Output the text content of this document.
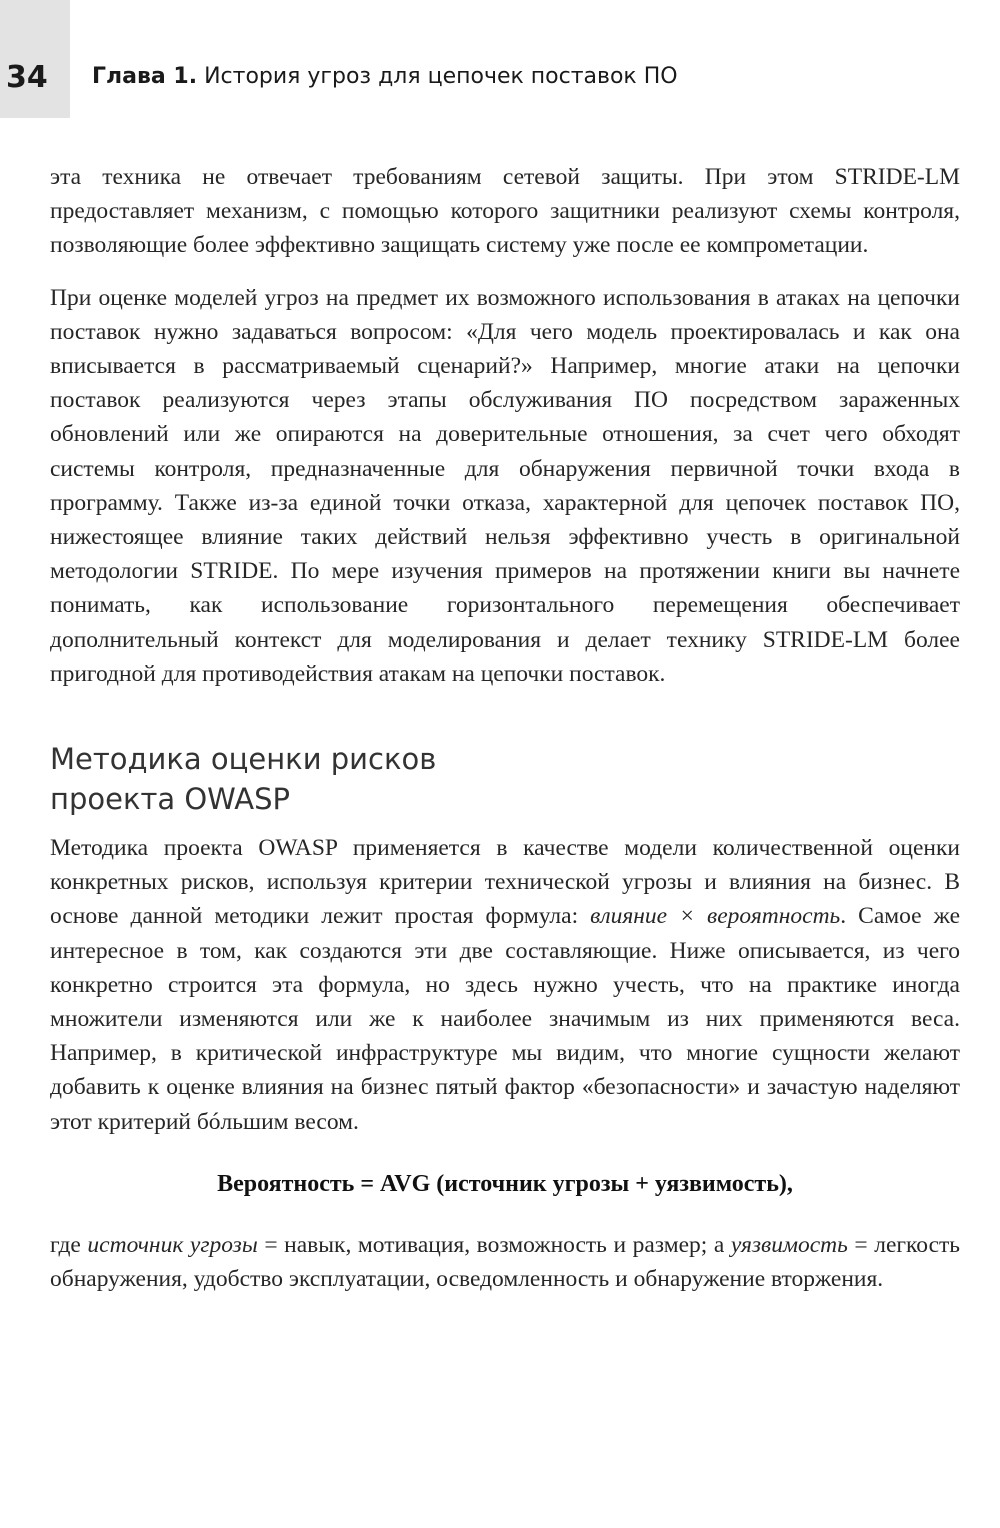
34 Глава 1. История угроз для цепочек поставок ПО

эта техника не отвечает требованиям сетевой защиты. При этом STRIDE-LM предоставляет механизм, с помощью которого защитники реализуют схемы контроля, позволяющие более эффективно защищать систему уже после ее компрометации.

При оценке моделей угроз на предмет их возможного использования в атаках на цепочки поставок нужно задаваться вопросом: «Для чего модель проектировалась и как она вписывается в рассматриваемый сценарий?» Например, многие атаки на цепочки поставок реализуются через этапы обслуживания ПО посредством зараженных обновлений или же опираются на доверительные отношения, за счет чего обходят системы контроля, предназначенные для обнаружения первичной точки входа в программу. Также из-за единой точки отказа, характерной для цепочек поставок ПО, нижестоящее влияние таких действий нельзя эффективно учесть в оригинальной методологии STRIDE. По мере изучения примеров на протяжении книги вы начнете понимать, как использование горизонтального перемещения обеспечивает дополнительный контекст для моделирования и делает технику STRIDE-LM более пригодной для противодействия атакам на цепочки поставок.

Методика оценки рисков
проекта OWASP

Методика проекта OWASP применяется в качестве модели количественной оценки конкретных рисков, используя критерии технической угрозы и влияния на бизнес. В основе данной методики лежит простая формула: влияние × вероятность. Самое же интересное в том, как создаются эти две составляющие. Ниже описывается, из чего конкретно строится эта формула, но здесь нужно учесть, что на практике иногда множители изменяются или же к наиболее значимым из них применяются веса. Например, в критической инфраструктуре мы видим, что многие сущности желают добавить к оценке влияния на бизнес пятый фактор «безопасности» и зачастую наделяют этот критерий бóльшим весом.

Вероятность = AVG (источник угрозы + уязвимость),

где источник угрозы = навык, мотивация, возможность и размер; а уязвимость = легкость обнаружения, удобство эксплуатации, осведомленность и обнаружение вторжения.
